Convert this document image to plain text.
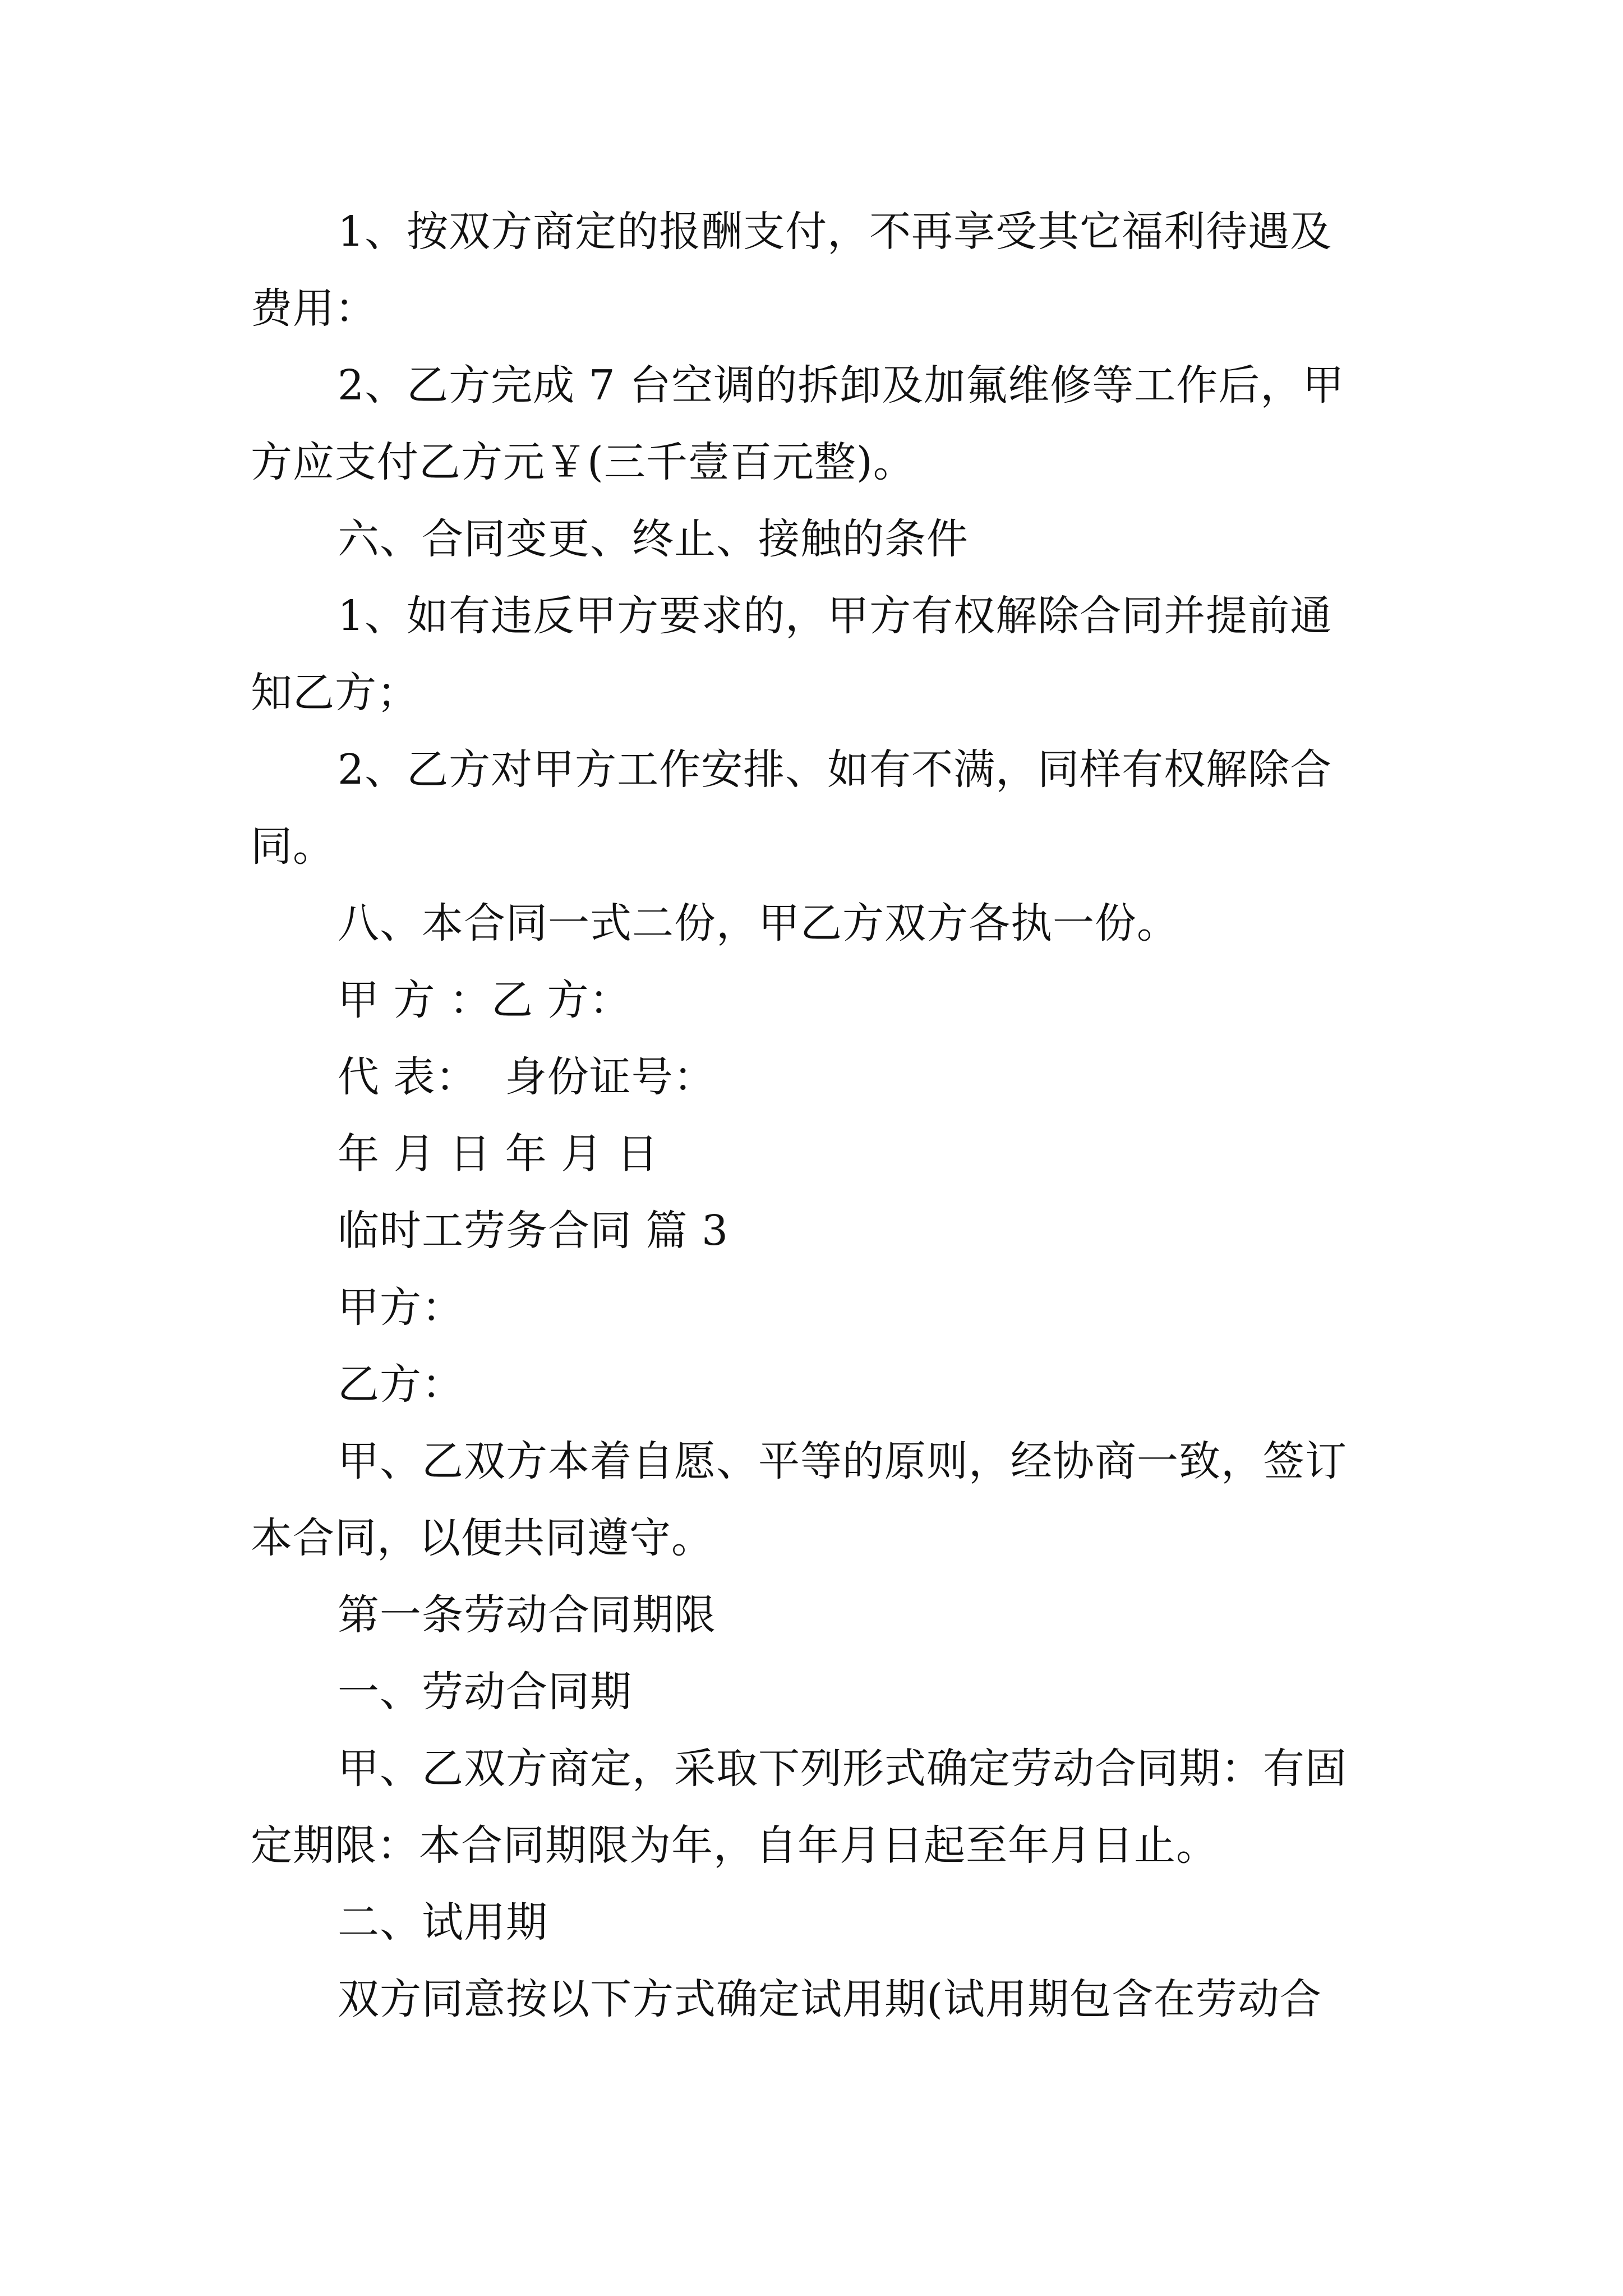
1、按双方商定的报酬支付，不再享受其它福利待遇及
费用：
2、乙方完成 7 台空调的拆卸及加氟维修等工作后，甲
方应支付乙方元￥(三千壹百元整)。
六、合同变更、终止、接触的条件
1、如有违反甲方要求的，甲方有权解除合同并提前通
知乙方；
2、乙方对甲方工作安排、如有不满，同样有权解除合
同。
八、本合同一式二份，甲乙方双方各执一份。
甲 方 ：乙 方：
代 表：  身份证号：
年 月 日 年 月 日
临时工劳务合同 篇 3
甲方：
乙方：
甲、乙双方本着自愿、平等的原则，经协商一致，签订
本合同，以便共同遵守。
第一条劳动合同期限
一、劳动合同期
甲、乙双方商定，采取下列形式确定劳动合同期：有固
定期限：本合同期限为年，自年月日起至年月日止。
二、试用期
双方同意按以下方式确定试用期(试用期包含在劳动合
